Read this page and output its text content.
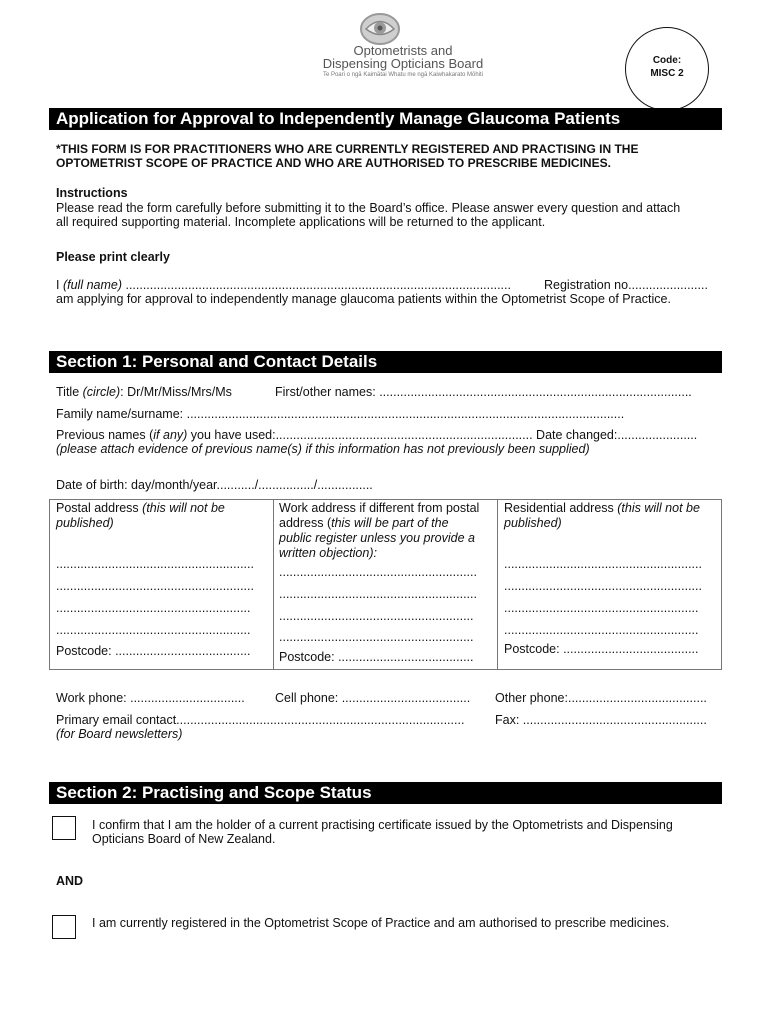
Optometrists and
Dispensing Opticians Board
Te Poari o ngā Kaimātai Whatu me ngā Kaiwhakarato Mōhiti
Code:
MISC 2
Application for Approval to Independently Manage Glaucoma Patients
*THIS FORM IS FOR PRACTITIONERS WHO ARE CURRENTLY REGISTERED AND PRACTISING IN THE
OPTOMETRIST SCOPE OF PRACTICE AND WHO ARE AUTHORISED TO PRESCRIBE MEDICINES.
Instructions
Please read the form carefully before submitting it to the Board’s office. Please answer every question and attach
all required supporting material. Incomplete applications will be returned to the applicant.
Please print clearly
I (full name) ...............................................................................................................	Registration no.......................
am applying for approval to independently manage glaucoma patients within the Optometrist Scope of Practice.
Section 1: Personal and Contact Details
Title (circle): Dr/Mr/Miss/Mrs/Ms	First/other names: ..........................................................................................
Family name/surname: ..............................................................................................................................
Previous names (if any) you have used:.......................................................................... Date changed:.......................
(please attach evidence of previous name(s) if this information has not previously been supplied)
Date of birth: day/month/year.........../................/................
Postal address (this will not be
published)
.........................................................
.........................................................
........................................................
........................................................
Postcode: .......................................
Work address if different from postal
address (this will be part of the
public register unless you provide a
written objection):
.........................................................
.........................................................
........................................................
........................................................
Postcode: .......................................
Residential address (this will not be
published)
.........................................................
.........................................................
........................................................
........................................................
Postcode: .......................................
Work phone: ................................. Cell phone: ..................................... Other phone:........................................
Primary email contact................................................................................... Fax: .....................................................
(for Board newsletters)
Section 2: Practising and Scope Status
I confirm that I am the holder of a current practising certificate issued by the Optometrists and Dispensing
Opticians Board of New Zealand.
AND
I am currently registered in the Optometrist Scope of Practice and am authorised to prescribe medicines.
